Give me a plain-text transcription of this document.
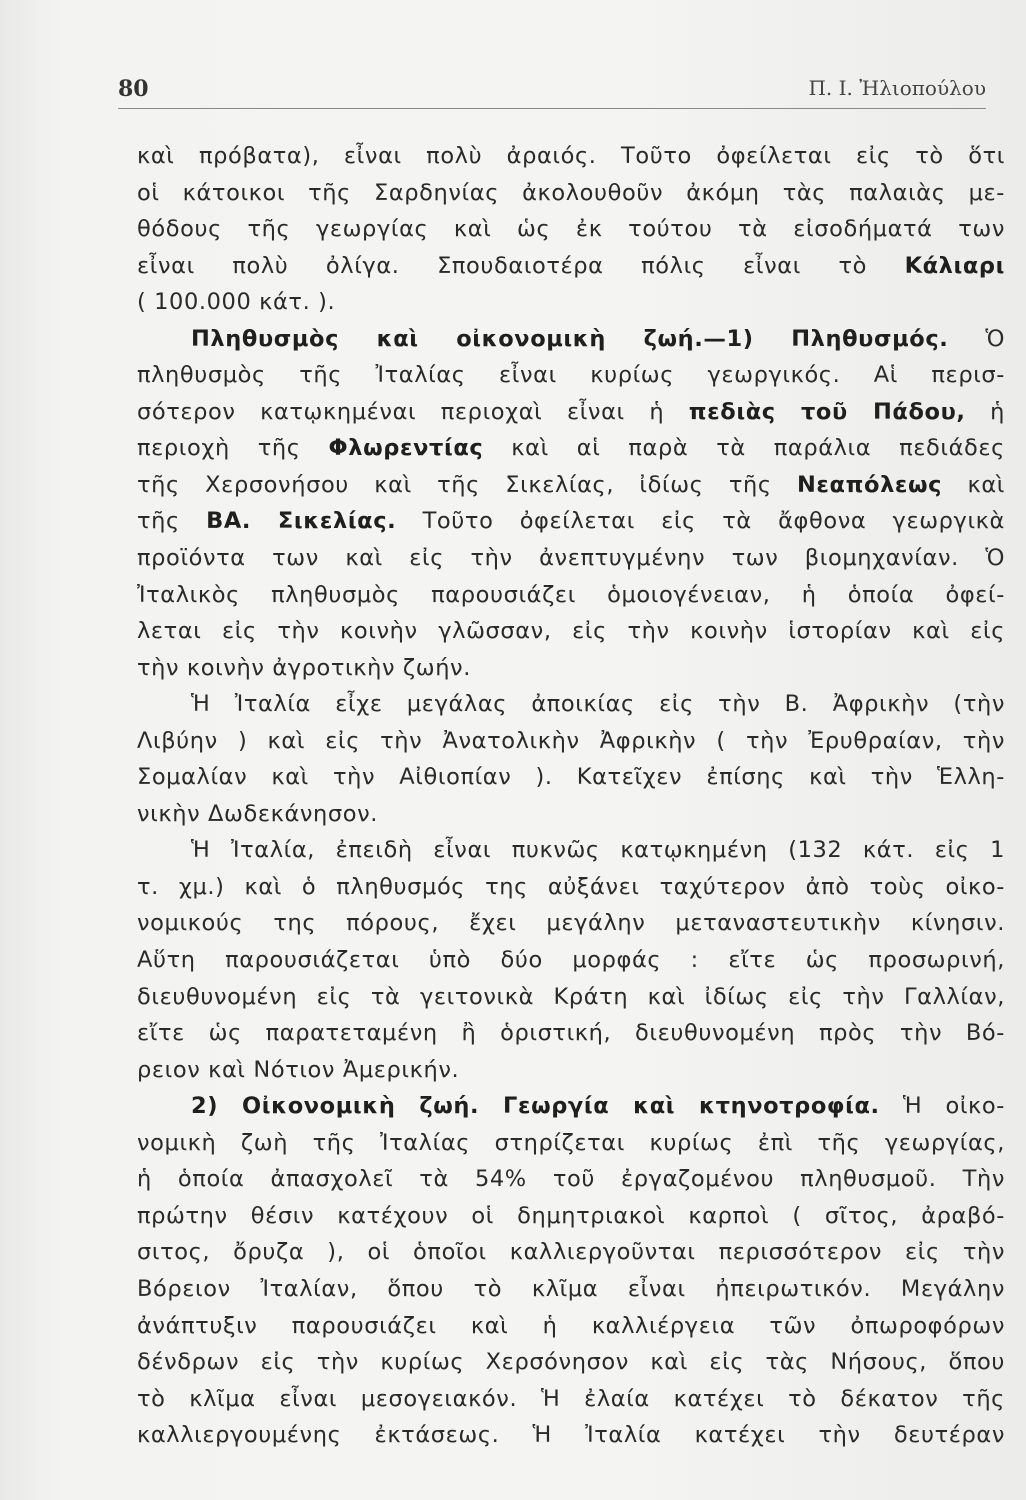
80	Π. Ι. Ἠλιοπούλου
καὶ πρόβατα), εἶναι πολὺ ἀραιός. Τοῦτο ὀφείλεται εἰς τὸ ὅτι
οἱ κάτοικοι τῆς Σαρδηνίας ἀκολουθοῦν ἀκόμη τὰς παλαιὰς με-
θόδους τῆς γεωργίας καὶ ὡς ἐκ τούτου τὰ εἰσοδήματά των
εἶναι πολὺ ὀλίγα. Σπουδαιοτέρα πόλις εἶναι τὸ Κάλιαρι
( 100.000 κάτ. ).
Πληθυσμὸς καὶ οἰκονομικὴ ζωή.—1) Πληθυσμός. Ὁ
πληθυσμὸς τῆς Ἰταλίας εἶναι κυρίως γεωργικός. Αἱ περισ-
σότερον κατῳκημέναι περιοχαὶ εἶναι ἡ πεδιὰς τοῦ Πάδου, ἡ
περιοχὴ τῆς Φλωρεντίας καὶ αἱ παρὰ τὰ παράλια πεδιάδες
τῆς Χερσονήσου καὶ τῆς Σικελίας, ἰδίως τῆς Νεαπόλεως καὶ
τῆς ΒΑ. Σικελίας. Τοῦτο ὀφείλεται εἰς τὰ ἄφθονα γεωργικὰ
προϊόντα των καὶ εἰς τὴν ἀνεπτυγμένην των βιομηχανίαν. Ὁ
Ἰταλικὸς πληθυσμὸς παρουσιάζει ὁμοιογένειαν, ἡ ὁποία ὀφεί-
λεται εἰς τὴν κοινὴν γλῶσσαν, εἰς τὴν κοινὴν ἱστορίαν καὶ εἰς
τὴν κοινὴν ἀγροτικὴν ζωήν.
Ἡ Ἰταλία εἶχε μεγάλας ἀποικίας εἰς τὴν Β. Ἀφρικὴν (τὴν
Λιβύην ) καὶ εἰς τὴν Ἀνατολικὴν Ἀφρικὴν ( τὴν Ἐρυθραίαν, τὴν
Σομαλίαν καὶ τὴν Αἰθιοπίαν ). Κατεῖχεν ἐπίσης καὶ τὴν Ἑλλη-
νικὴν Δωδεκάνησον.
Ἡ Ἰταλία, ἐπειδὴ εἶναι πυκνῶς κατῳκημένη (132 κάτ. εἰς 1
τ. χμ.) καὶ ὁ πληθυσμός της αὐξάνει ταχύτερον ἀπὸ τοὺς οἰκο-
νομικούς της πόρους, ἔχει μεγάλην μεταναστευτικὴν κίνησιν.
Αὕτη παρουσιάζεται ὑπὸ δύο μορφάς : εἴτε ὡς προσωρινή,
διευθυνομένη εἰς τὰ γειτονικὰ Κράτη καὶ ἰδίως εἰς τὴν Γαλλίαν,
εἴτε ὡς παρατεταμένη ἢ ὁριστική, διευθυνομένη πρὸς τὴν Βό-
ρειον καὶ Νότιον Ἀμερικήν.
2) Οἰκονομικὴ ζωή. Γεωργία καὶ κτηνοτροφία. Ἡ οἰκο-
νομικὴ ζωὴ τῆς Ἰταλίας στηρίζεται κυρίως ἐπὶ τῆς γεωργίας,
ἡ ὁποία ἀπασχολεῖ τὰ 54% τοῦ ἐργαζομένου πληθυσμοῦ. Τὴν
πρώτην θέσιν κατέχουν οἱ δημητριακοὶ καρποὶ ( σῖτος, ἀραβό-
σιτος, ὄρυζα ), οἱ ὁποῖοι καλλιεργοῦνται περισσότερον εἰς τὴν
Βόρειον Ἰταλίαν, ὅπου τὸ κλῖμα εἶναι ἠπειρωτικόν. Μεγάλην
ἀνάπτυξιν παρουσιάζει καὶ ἡ καλλιέργεια τῶν ὀπωροφόρων
δένδρων εἰς τὴν κυρίως Χερσόνησον καὶ εἰς τὰς Νήσους, ὅπου
τὸ κλῖμα εἶναι μεσογειακόν. Ἡ ἐλαία κατέχει τὸ δέκατον τῆς
καλλιεργουμένης ἐκτάσεως. Ἡ Ἰταλία κατέχει τὴν δευτέραν
